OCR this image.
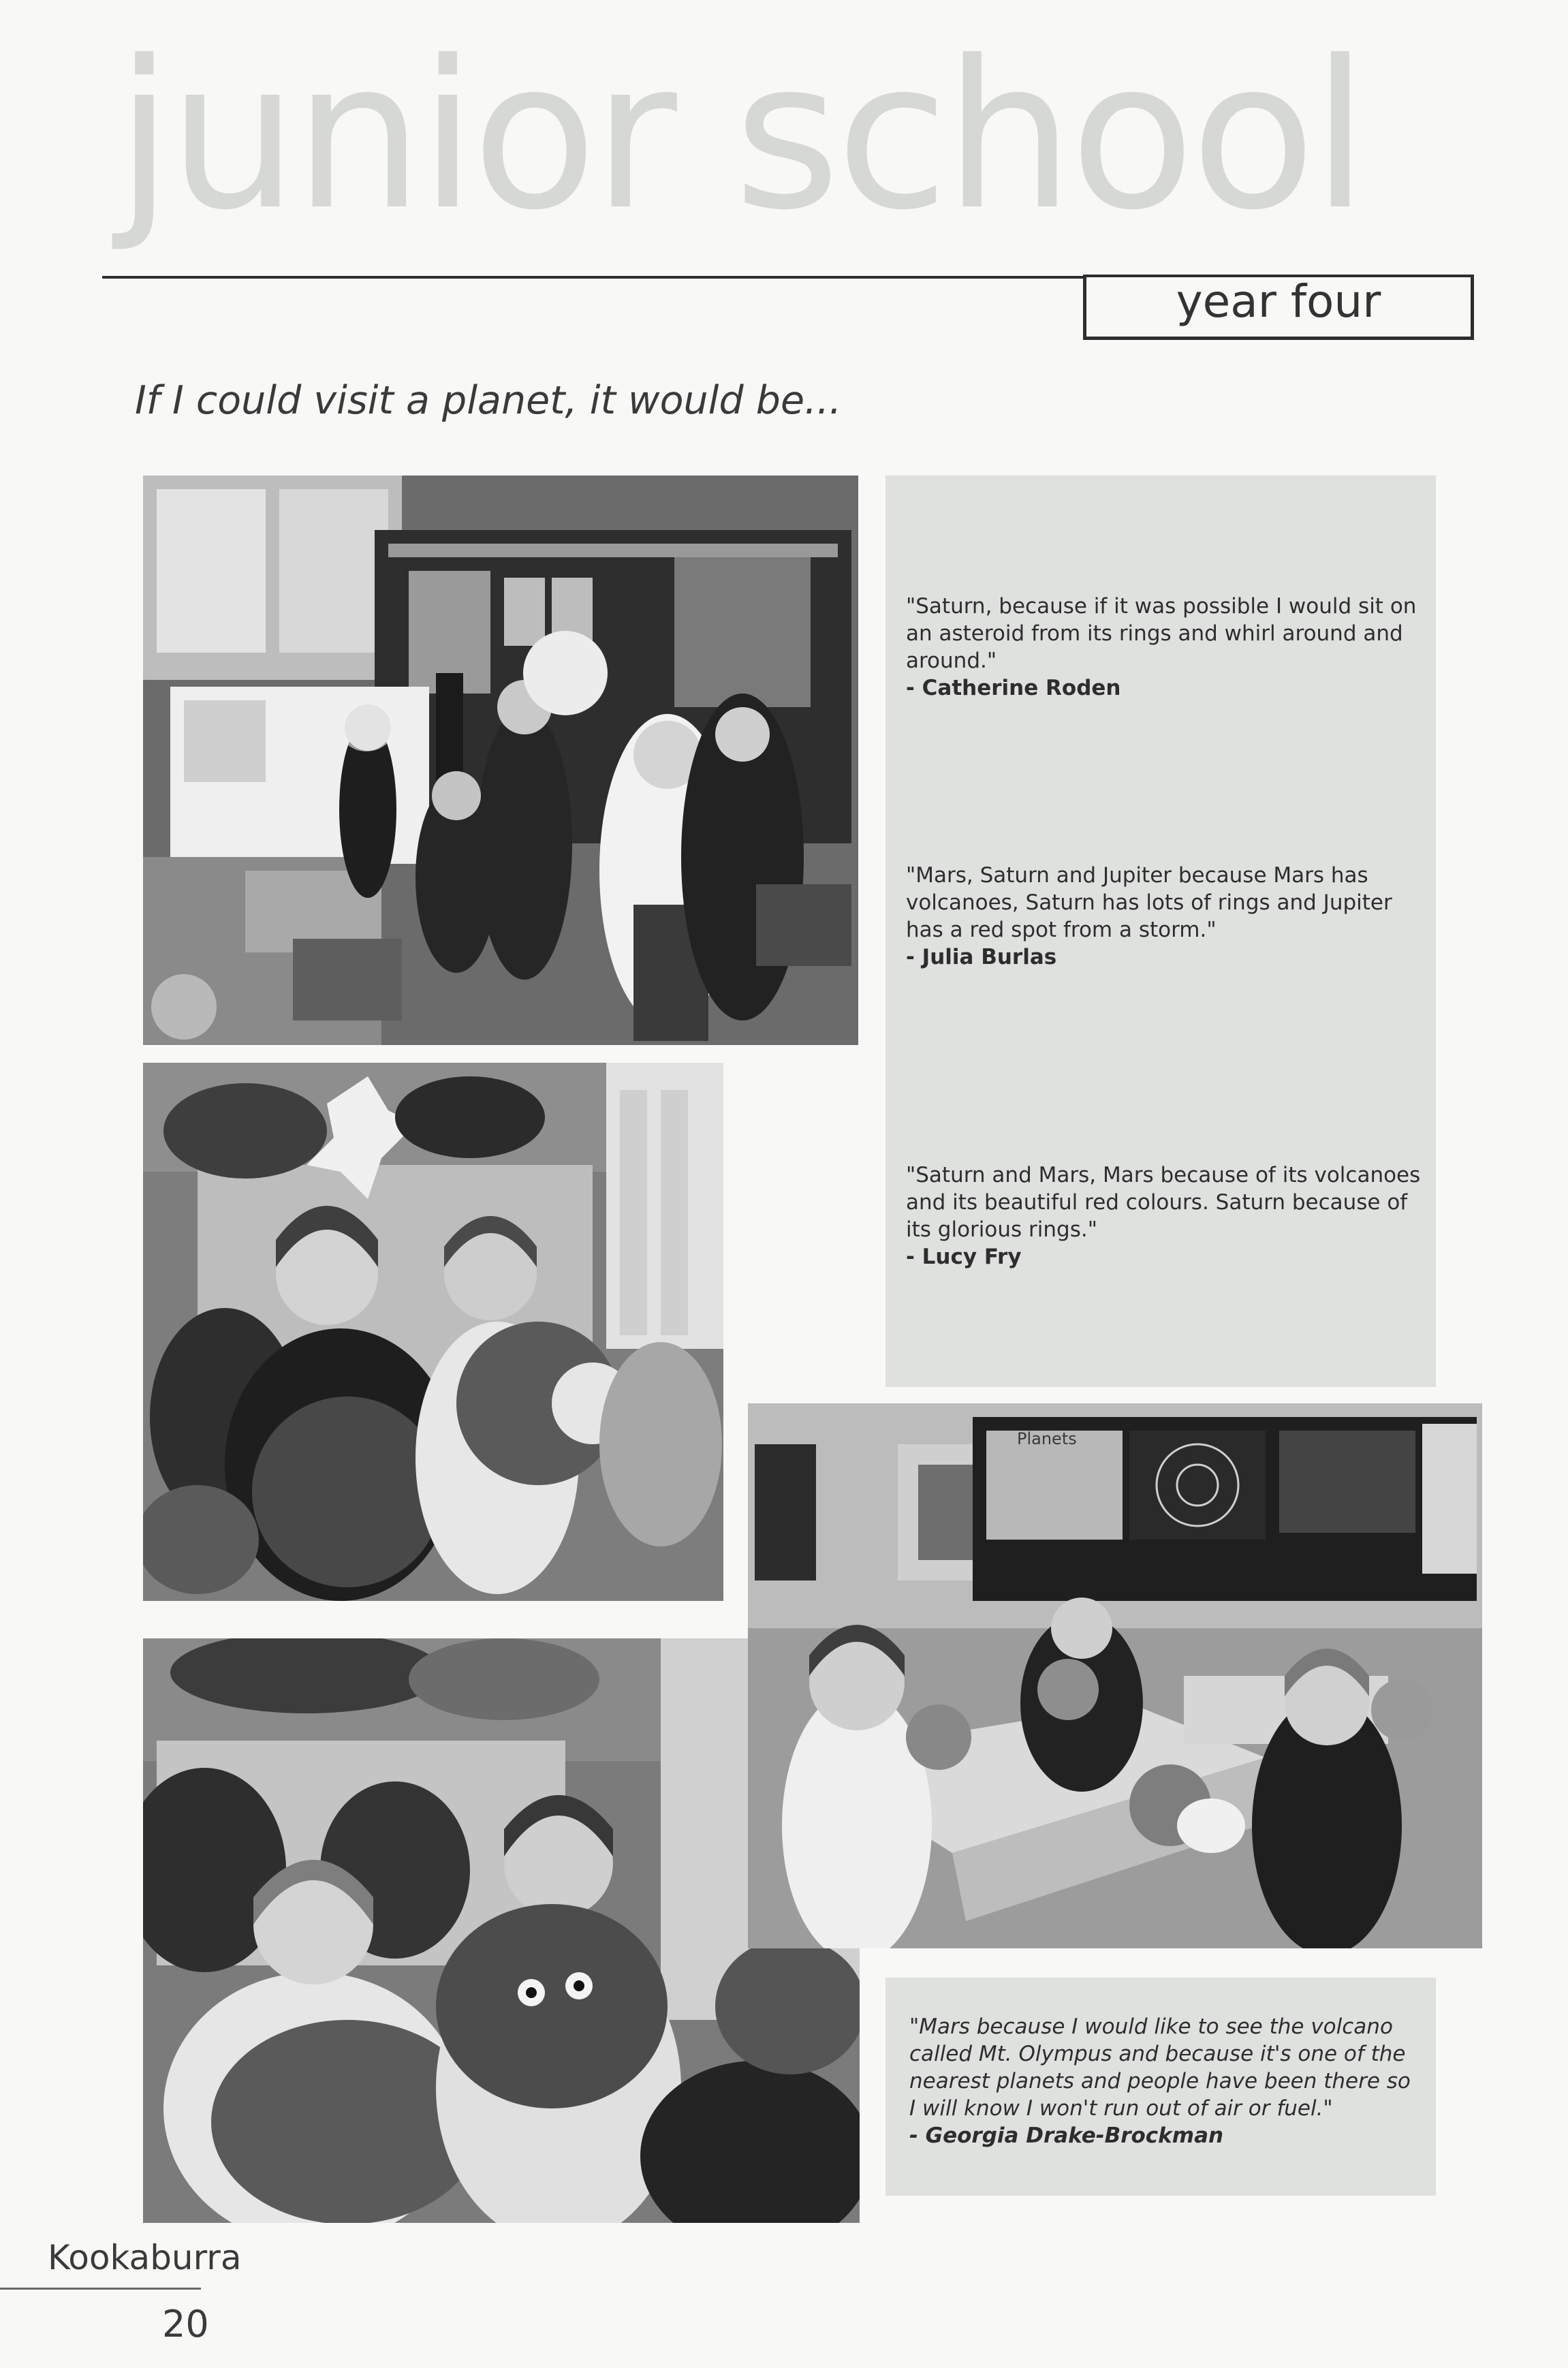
junior school
year four
If I could visit a planet, it would be...
Planets
"Saturn, because if it was possible I would sit on an asteroid from its rings and whirl around and around."
- Catherine Roden
"Mars, Saturn and Jupiter because Mars has volcanoes, Saturn has lots of rings and Jupiter has a red spot from a storm."
- Julia Burlas
"Saturn and Mars, Mars because of its volcanoes and its beautiful red colours. Saturn because of its glorious rings."
- Lucy Fry
"Mars because I would like to see the volcano called Mt. Olympus and because it's one of the nearest planets and people have been there so I will know I won't run out of air or fuel."
- Georgia Drake-Brockman

Kookaburra

20
